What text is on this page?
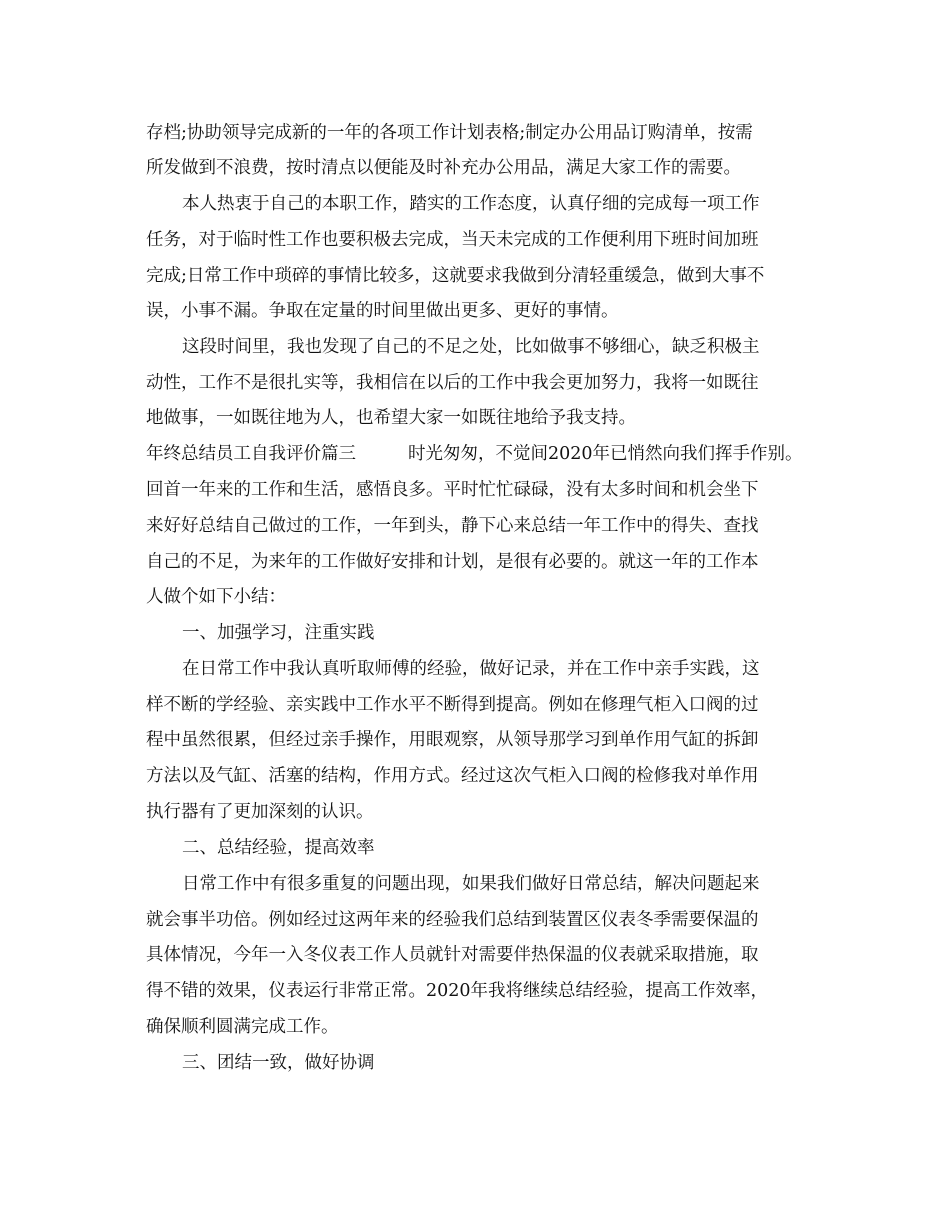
存档;协助领导完成新的一年的各项工作计划表格;制定办公用品订购清单，按需
所发做到不浪费，按时清点以便能及时补充办公用品，满足大家工作的需要。
本人热衷于自己的本职工作，踏实的工作态度，认真仔细的完成每一项工作
任务，对于临时性工作也要积极去完成，当天未完成的工作便利用下班时间加班
完成;日常工作中琐碎的事情比较多，这就要求我做到分清轻重缓急，做到大事不
误，小事不漏。争取在定量的时间里做出更多、更好的事情。
这段时间里，我也发现了自己的不足之处，比如做事不够细心，缺乏积极主
动性，工作不是很扎实等，我相信在以后的工作中我会更加努力，我将一如既往
地做事，一如既往地为人，也希望大家一如既往地给予我支持。
年终总结员工自我评价篇三	时光匆匆，不觉间2020年已悄然向我们挥手作别。
回首一年来的工作和生活，感悟良多。平时忙忙碌碌，没有太多时间和机会坐下
来好好总结自己做过的工作，一年到头，静下心来总结一年工作中的得失、查找
自己的不足，为来年的工作做好安排和计划，是很有必要的。就这一年的工作本
人做个如下小结：
一、加强学习，注重实践
在日常工作中我认真听取师傅的经验，做好记录，并在工作中亲手实践，这
样不断的学经验、亲实践中工作水平不断得到提高。例如在修理气柜入口阀的过
程中虽然很累，但经过亲手操作，用眼观察，从领导那学习到单作用气缸的拆卸
方法以及气缸、活塞的结构，作用方式。经过这次气柜入口阀的检修我对单作用
执行器有了更加深刻的认识。
二、总结经验，提高效率
日常工作中有很多重复的问题出现，如果我们做好日常总结，解决问题起来
就会事半功倍。例如经过这两年来的经验我们总结到装置区仪表冬季需要保温的
具体情况，今年一入冬仪表工作人员就针对需要伴热保温的仪表就采取措施，取
得不错的效果，仪表运行非常正常。2020年我将继续总结经验，提高工作效率，
确保顺利圆满完成工作。
三、团结一致，做好协调
